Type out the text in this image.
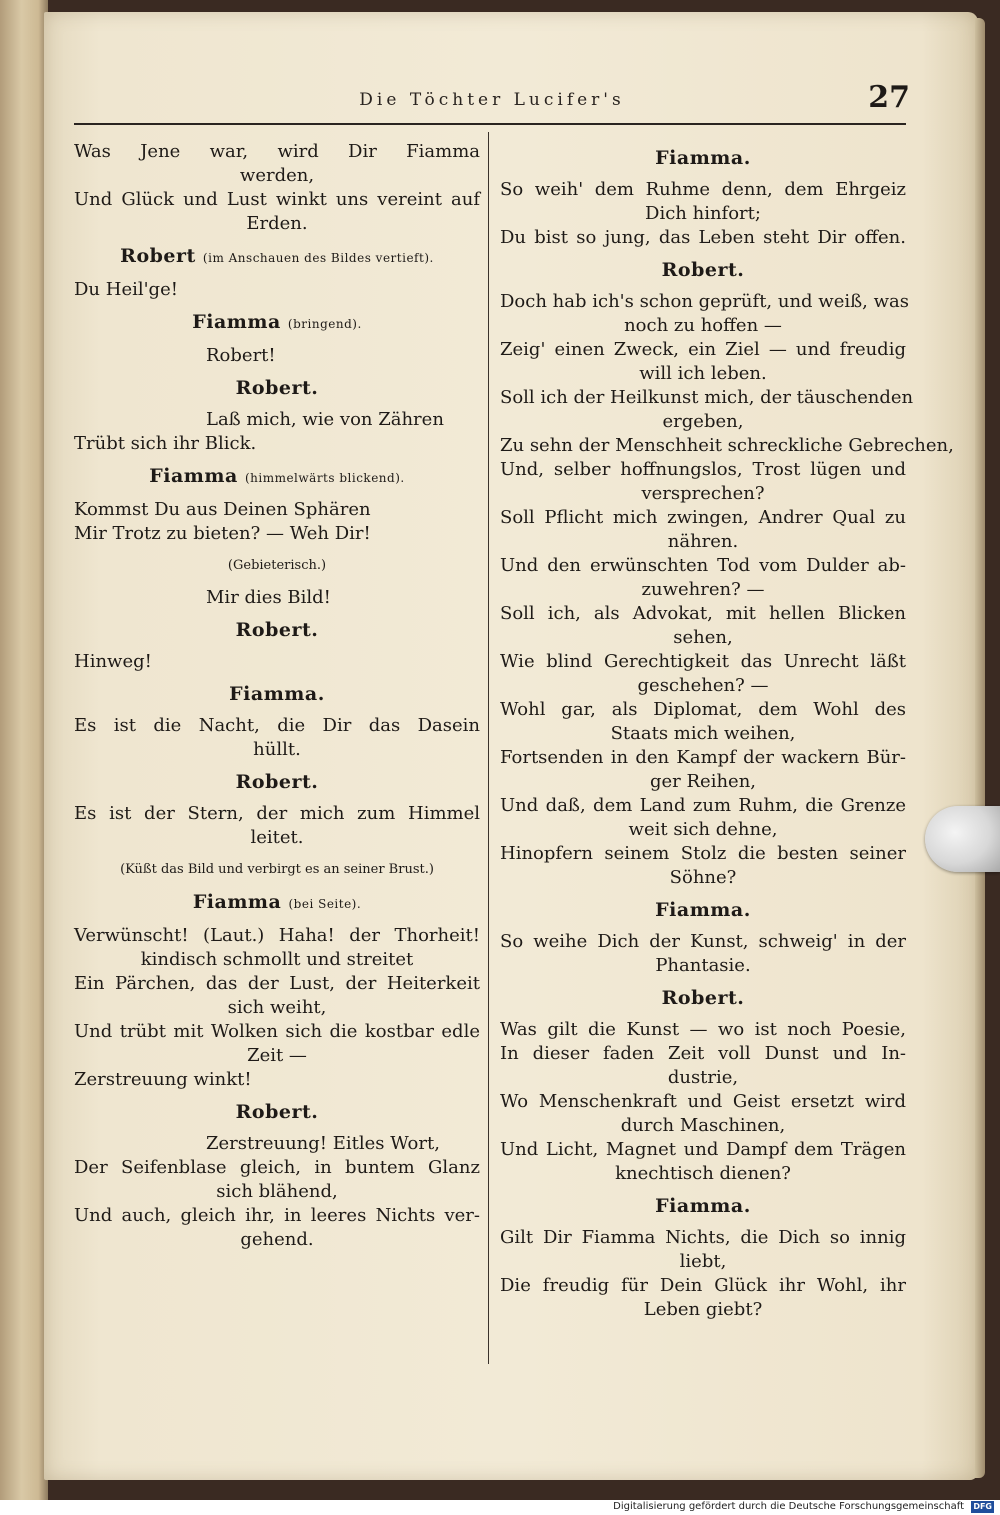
Die Töchter Lucifer's	27
Was Jene war, wird Dir Fiamma
werden,
Und Glück und Lust winkt uns vereint auf
Erden.
Robert (im Anschauen des Bildes vertieft).
Du Heil'ge!
Fiamma (bringend).
Robert!
Robert.
Laß mich, wie von Zähren
Trübt sich ihr Blick.
Fiamma (himmelwärts blickend).
Kommst Du aus Deinen Sphären
Mir Trotz zu bieten? — Weh Dir!
(Gebieterisch.)
Mir dies Bild!
Robert.
Hinweg!
Fiamma.
Es ist die Nacht, die Dir das Dasein
hüllt.
Robert.
Es ist der Stern, der mich zum Himmel
leitet.
(Küßt das Bild und verbirgt es an seiner Brust.)
Fiamma (bei Seite).
Verwünscht! (Laut.) Haha! der Thorheit!
kindisch schmollt und streitet
Ein Pärchen, das der Lust, der Heiterkeit
sich weiht,
Und trübt mit Wolken sich die kostbar edle
Zeit —
Zerstreuung winkt!
Robert.
Zerstreuung! Eitles Wort,
Der Seifenblase gleich, in buntem Glanz
sich blähend,
Und auch, gleich ihr, in leeres Nichts ver-
gehend.
Fiamma.
So weih' dem Ruhme denn, dem Ehrgeiz
Dich hinfort;
Du bist so jung, das Leben steht Dir offen.
Robert.
Doch hab ich's schon geprüft, und weiß, was
noch zu hoffen —
Zeig' einen Zweck, ein Ziel — und freudig
will ich leben.
Soll ich der Heilkunst mich, der täuschenden
ergeben,
Zu sehn der Menschheit schreckliche Gebrechen,
Und, selber hoffnungslos, Trost lügen und
versprechen?
Soll Pflicht mich zwingen, Andrer Qual zu
nähren.
Und den erwünschten Tod vom Dulder ab-
zuwehren? —
Soll ich, als Advokat, mit hellen Blicken
sehen,
Wie blind Gerechtigkeit das Unrecht läßt
geschehen? —
Wohl gar, als Diplomat, dem Wohl des
Staats mich weihen,
Fortsenden in den Kampf der wackern Bür-
ger Reihen,
Und daß, dem Land zum Ruhm, die Grenze
weit sich dehne,
Hinopfern seinem Stolz die besten seiner
Söhne?
Fiamma.
So weihe Dich der Kunst, schweig' in der
Phantasie.
Robert.
Was gilt die Kunst — wo ist noch Poesie,
In dieser faden Zeit voll Dunst und In-
dustrie,
Wo Menschenkraft und Geist ersetzt wird
durch Maschinen,
Und Licht, Magnet und Dampf dem Trägen
knechtisch dienen?
Fiamma.
Gilt Dir Fiamma Nichts, die Dich so innig
liebt,
Die freudig für Dein Glück ihr Wohl, ihr
Leben giebt?
Digitalisierung gefördert durch die Deutsche Forschungsgemeinschaft DFG
